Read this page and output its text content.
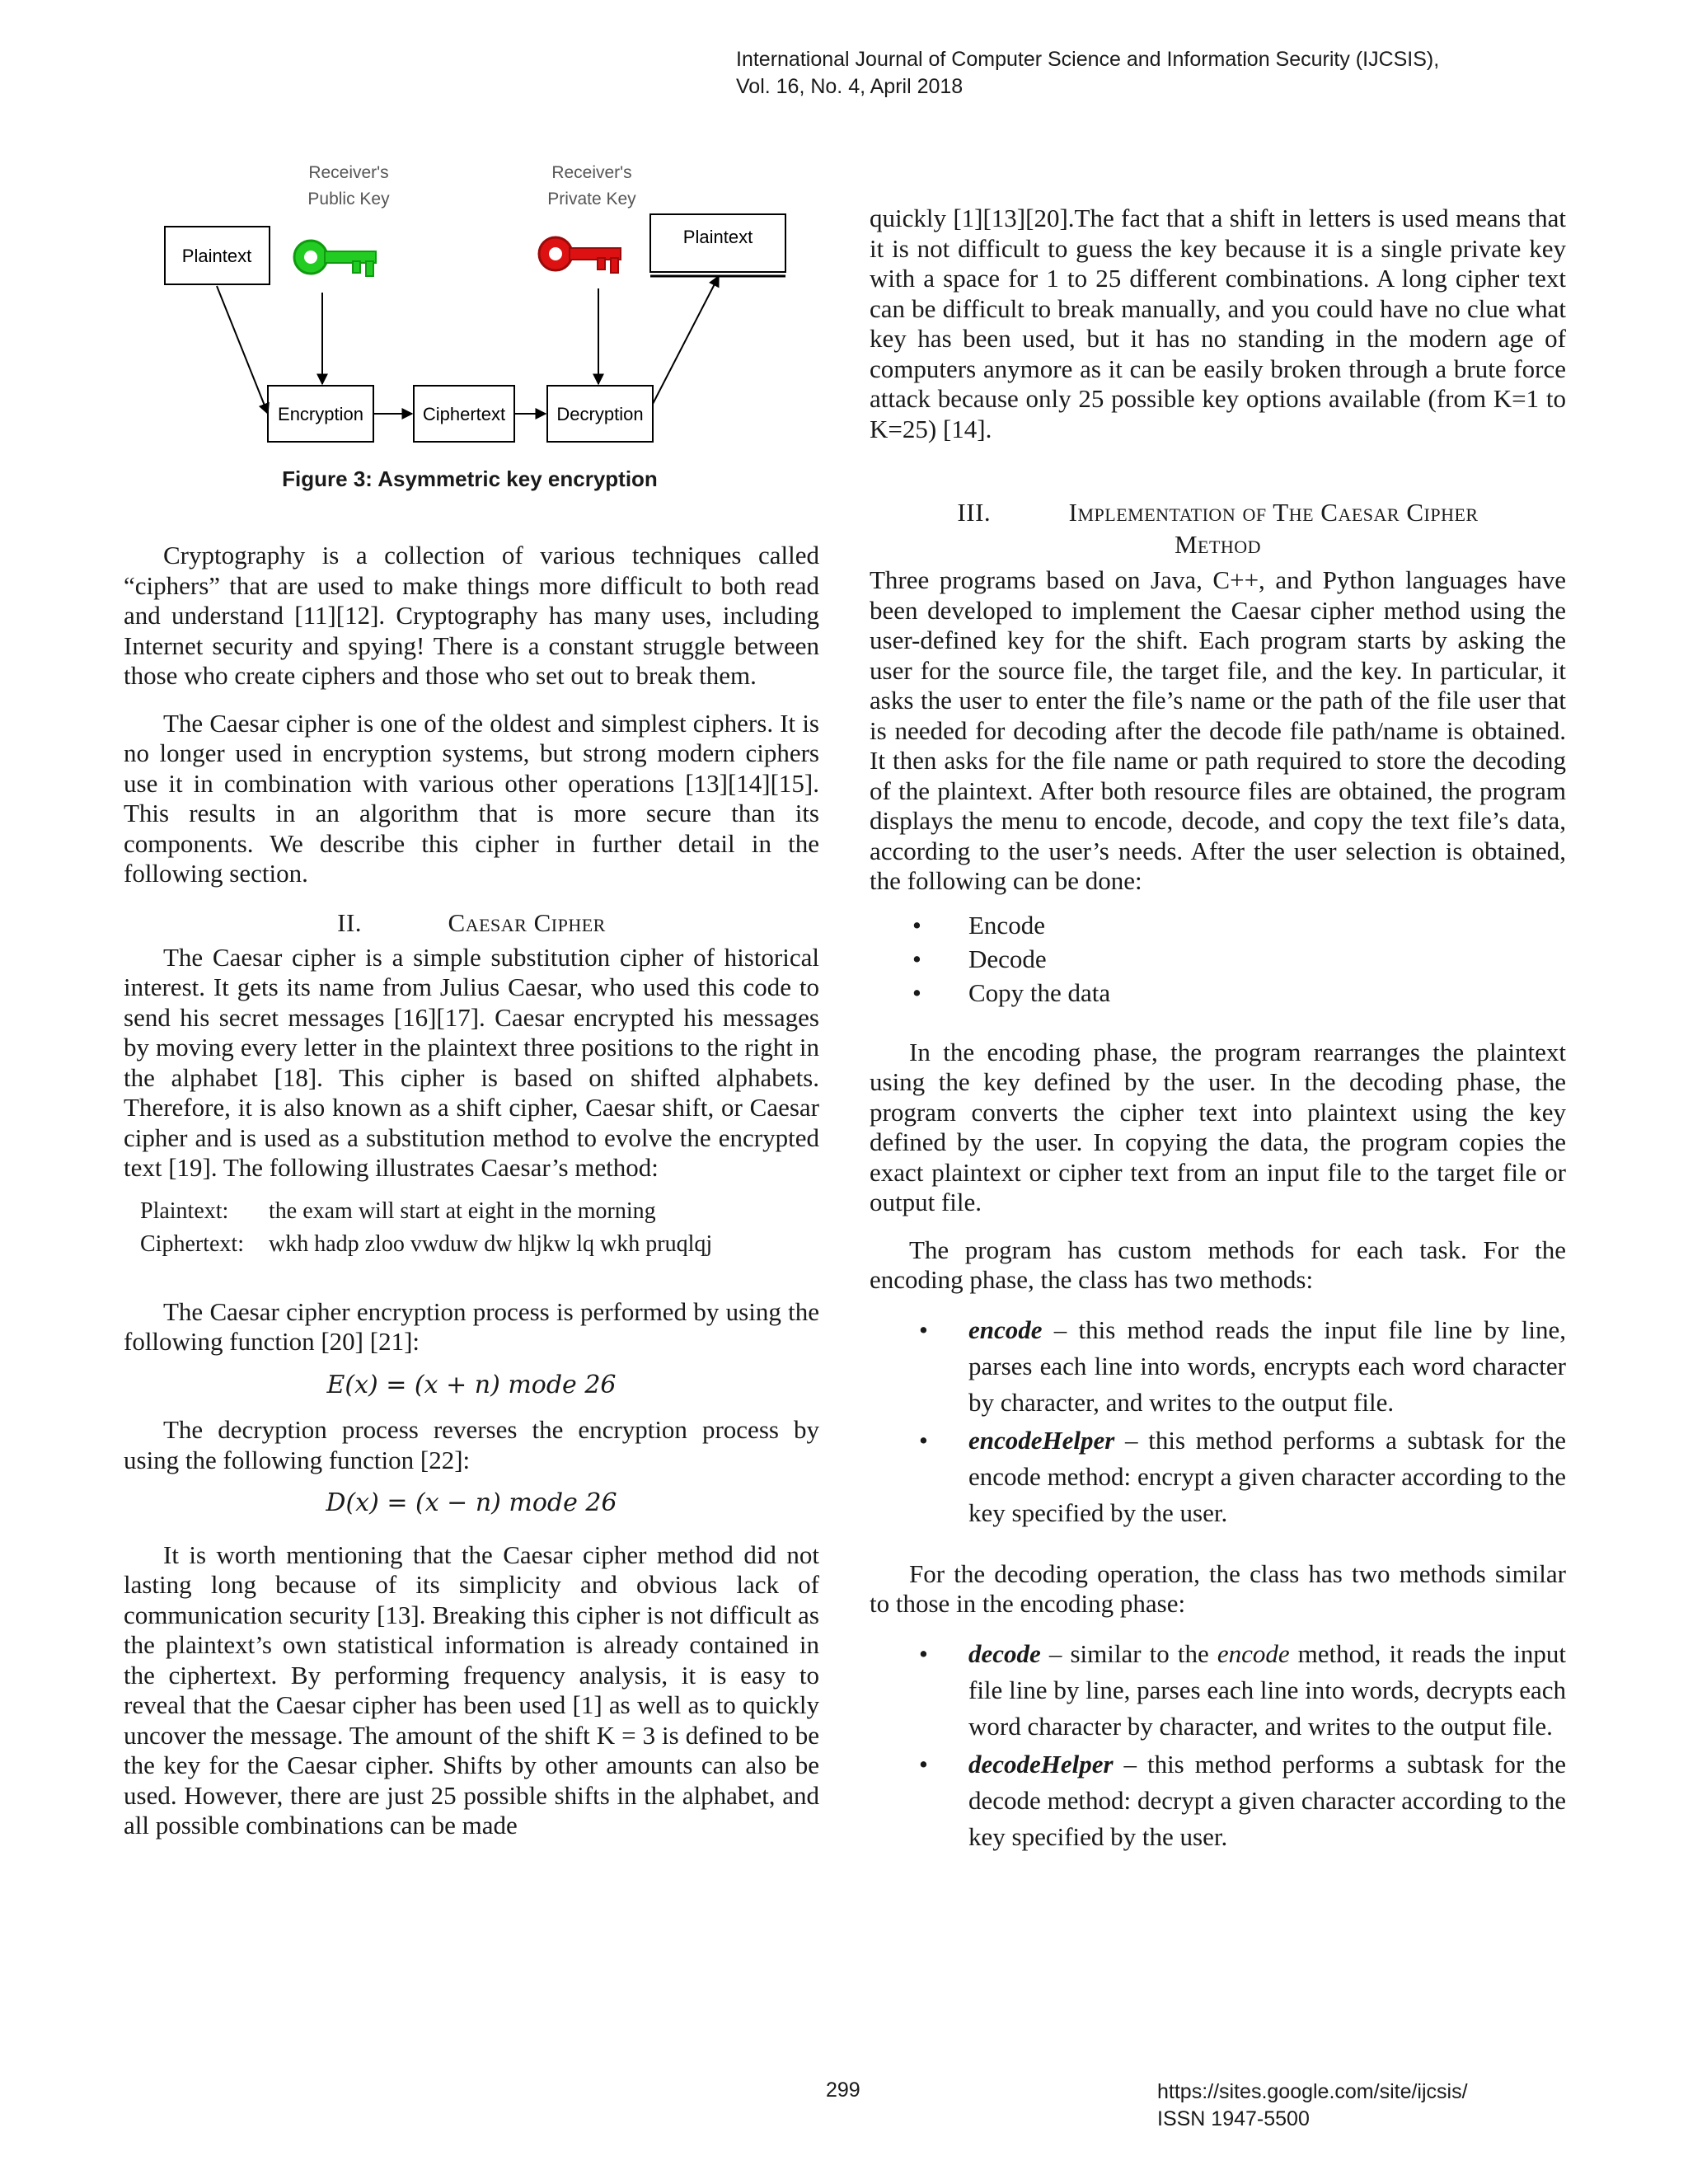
International Journal of Computer Science and Information Security (IJCSIS),
Vol. 16, No. 4, April 2018
Receiver's
Public Key
Receiver's
Private Key
Plaintext
Plaintext
Encryption	Ciphertext	Decryption
Figure 3: Asymmetric key encryption

Cryptography is a collection of various techniques called “ciphers” that are used to make things more difficult to both read and understand [11][12]. Cryptography has many uses, including Internet security and spying! There is a constant struggle between those who create ciphers and those who set out to break them.

The Caesar cipher is one of the oldest and simplest ciphers. It is no longer used in encryption systems, but strong modern ciphers use it in combination with various other operations [13][14][15]. This results in an algorithm that is more secure than its components. We describe this cipher in further detail in the following section.

II.	Caesar Cipher

The Caesar cipher is a simple substitution cipher of historical interest. It gets its name from Julius Caesar, who used this code to send his secret messages [16][17]. Caesar encrypted his messages by moving every letter in the plaintext three positions to the right in the alphabet [18]. This cipher is based on shifted alphabets. Therefore, it is also known as a shift cipher, Caesar shift, or Caesar cipher and is used as a substitution method to evolve the encrypted text [19]. The following illustrates Caesar’s method:

Plaintext:	the exam will start at eight in the morning
Ciphertext:	wkh hadp zloo vwduw dw hljkw lq wkh pruqlqj

The Caesar cipher encryption process is performed by using the following function [20] [21]:

E(x) = (x + n) mode 26

The decryption process reverses the encryption process by using the following function [22]:

D(x) = (x − n) mode 26

It is worth mentioning that the Caesar cipher method did not lasting long because of its simplicity and obvious lack of communication security [13]. Breaking this cipher is not difficult as the plaintext’s own statistical information is already contained in the ciphertext. By performing frequency analysis, it is easy to reveal that the Caesar cipher has been used [1] as well as to quickly uncover the message. The amount of the shift K = 3 is defined to be the key for the Caesar cipher. Shifts by other amounts can also be used. However, there are just 25 possible shifts in the alphabet, and all possible combinations can be made

quickly [1][13][20].The fact that a shift in letters is used means that it is not difficult to guess the key because it is a single private key with a space for 1 to 25 different combinations. A long cipher text can be difficult to break manually, and you could have no clue what key has been used, but it has no standing in the modern age of computers anymore as it can be easily broken through a brute force attack because only 25 possible key options available (from K=1 to K=25) [14].

III.	Implementation of The Caesar Cipher
Method

Three programs based on Java, C++, and Python languages have been developed to implement the Caesar cipher method using the user-defined key for the shift. Each program starts by asking the user for the source file, the target file, and the key. In particular, it asks the user to enter the file’s name or the path of the file user that is needed for decoding after the decode file path/name is obtained. It then asks for the file name or path required to store the decoding of the plaintext. After both resource files are obtained, the program displays the menu to encode, decode, and copy the text file’s data, according to the user’s needs. After the user selection is obtained, the following can be done:

• Encode
• Decode
• Copy the data

In the encoding phase, the program rearranges the plaintext using the key defined by the user. In the decoding phase, the program converts the cipher text into plaintext using the key defined by the user. In copying the data, the program copies the exact plaintext or cipher text from an input file to the target file or output file.

The program has custom methods for each task. For the encoding phase, the class has two methods:

• encode – this method reads the input file line by line, parses each line into words, encrypts each word character by character, and writes to the output file.
• encodeHelper – this method performs a subtask for the encode method: encrypt a given character according to the key specified by the user.

For the decoding operation, the class has two methods similar to those in the encoding phase:

• decode – similar to the encode method, it reads the input file line by line, parses each line into words, decrypts each word character by character, and writes to the output file.
• decodeHelper – this method performs a subtask for the decode method: decrypt a given character according to the key specified by the user.
299	https://sites.google.com/site/ijcsis/
ISSN 1947-5500
